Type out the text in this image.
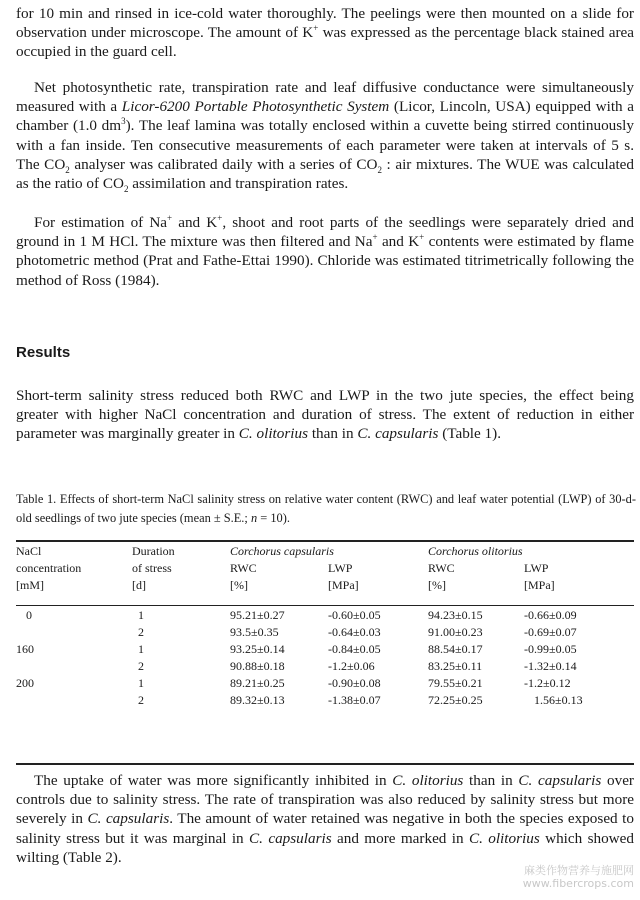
for 10 min and rinsed in ice-cold water thoroughly. The peelings were then mounted on a slide for observation under microscope. The amount of K+ was expressed as the percentage black stained area occupied in the guard cell.

Net photosynthetic rate, transpiration rate and leaf diffusive conductance were simultaneously measured with a Licor-6200 Portable Photosynthetic System (Licor, Lincoln, USA) equipped with a chamber (1.0 $dm^3$). The leaf lamina was totally enclosed within a cuvette being stirred continuously with a fan inside. Ten consecutive measurements of each parameter were taken at intervals of 5 s. The $CO_2$ analyser was calibrated daily with a series of $CO_2$ : air mixtures. The WUE was calculated as the ratio of $CO_2$ assimilation and transpiration rates.

For estimation of Na+ and K+, shoot and root parts of the seedlings were separately dried and ground in 1 M HCl. The mixture was then filtered and Na+ and K+ contents were estimated by flame photometric method (Prat and Fathe-Ettai 1990). Chloride was estimated titrimetrically following the method of Ross (1984).

Results

Short-term salinity stress reduced both RWC and LWP in the two jute species, the effect being greater with higher NaCl concentration and duration of stress. The extent of reduction in either parameter was marginally greater in C. olitorius than in C. capsularis (Table 1).

Table 1. Effects of short-term NaCl salinity stress on relative water content (RWC) and leaf water potential (LWP) of 30-d-old seedlings of two jute species (mean ± S.E.; n = 10).

NaCl	Duration	Corchorus capsularis		Corchorus olitorius	
concentration	of stress	RWC	LWP	RWC	LWP
[mM]	[d]	[%]	[MPa]	[%]	[MPa]

0	1	95.21±0.27	-0.60±0.05	94.23±0.15	-0.66±0.09
	2	93.5±0.35	-0.64±0.03	91.00±0.23	-0.69±0.07
160	1	93.25±0.14	-0.84±0.05	88.54±0.17	-0.99±0.05
	2	90.88±0.18	-1.2±0.06	83.25±0.11	-1.32±0.14
200	1	89.21±0.25	-0.90±0.08	79.55±0.21	-1.2±0.12
	2	89.32±0.13	-1.38±0.07	72.25±0.25	1.56±0.13

The uptake of water was more significantly inhibited in C. olitorius than in C. capsularis over controls due to salinity stress. The rate of transpiration was also reduced by salinity stress but more severely in C. capsularis. The amount of water retained was negative in both the species exposed to salinity stress but it was marginal in C. capsularis and more marked in C. olitorius which showed wilting (Table 2).

麻类作物营养与施肥网
www.fibercrops.com
